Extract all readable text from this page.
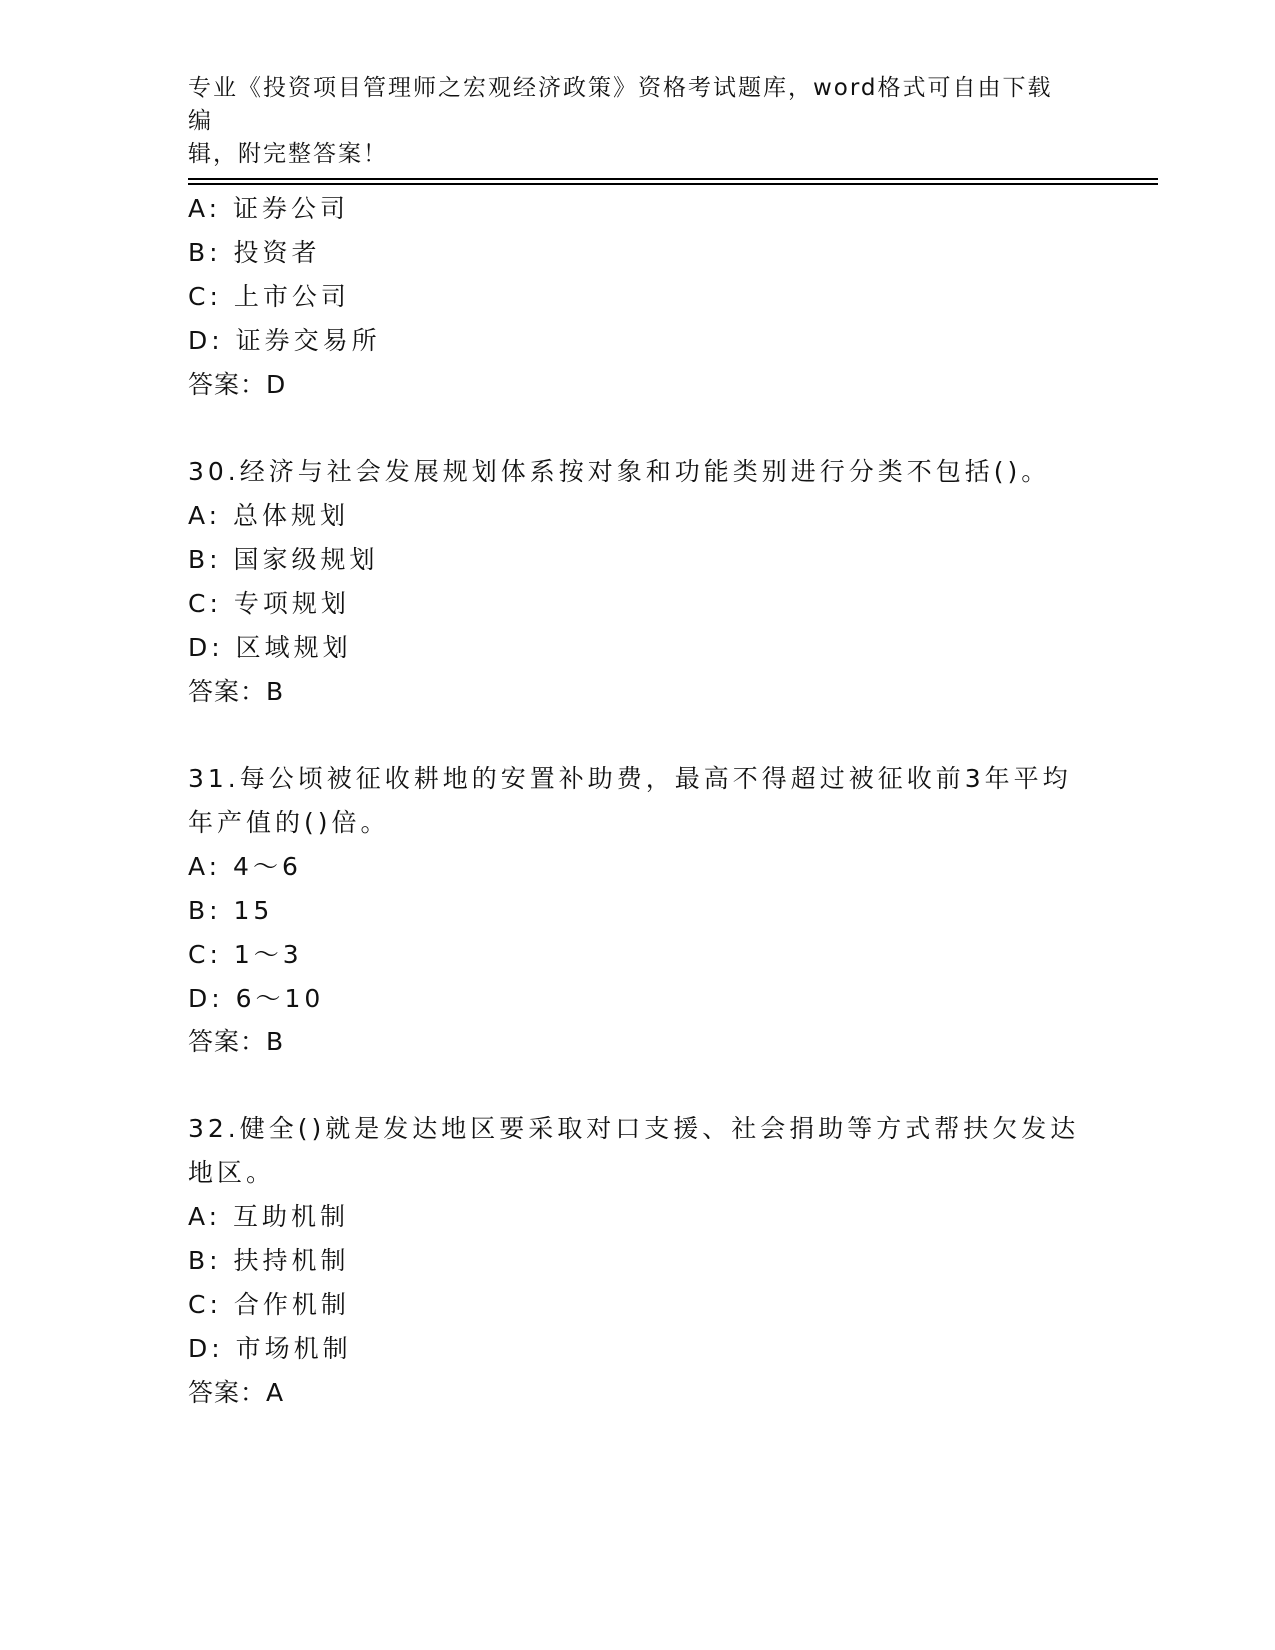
专业《投资项目管理师之宏观经济政策》资格考试题库，word格式可自由下载编
辑，附完整答案！
A: 证券公司
B: 投资者
C: 上市公司
D: 证券交易所
答案：D
30.经济与社会发展规划体系按对象和功能类别进行分类不包括()。
A: 总体规划
B: 国家级规划
C: 专项规划
D: 区域规划
答案：B
31.每公顷被征收耕地的安置补助费，最高不得超过被征收前3年平均
年产值的()倍。
A: 4～6
B: 15
C: 1～3
D: 6～10
答案：B
32.健全()就是发达地区要采取对口支援、社会捐助等方式帮扶欠发达
地区。
A: 互助机制
B: 扶持机制
C: 合作机制
D: 市场机制
答案：A
